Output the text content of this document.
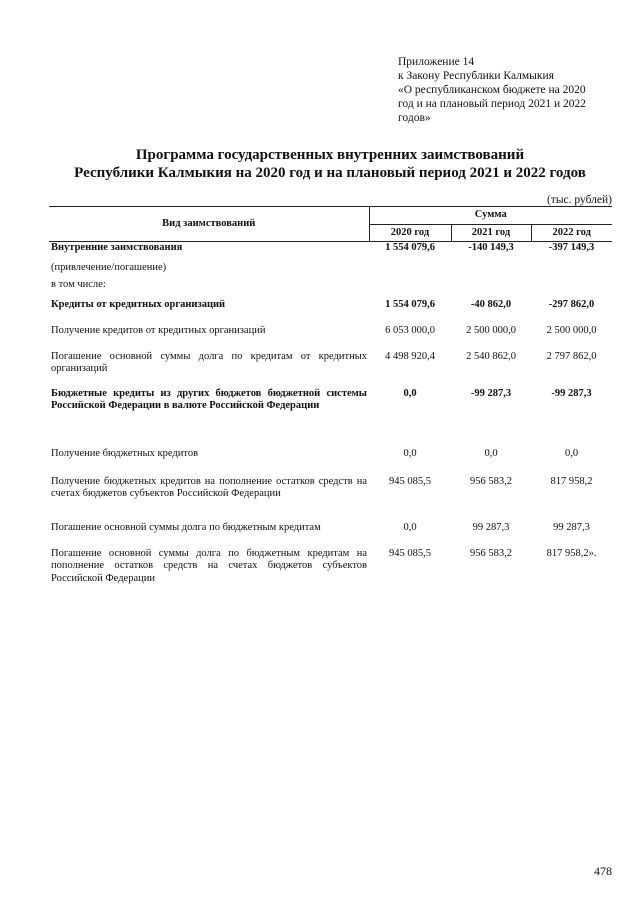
Приложение 14
к Закону Республики Калмыкия
«О республиканском бюджете на 2020
год и на плановый период 2021 и 2022
годов»
Программа государственных внутренних заимствований
Республики Калмыкия на 2020 год и на плановый период 2021 и 2022 годов
(тыс. рублей)
Вид заимствований	Сумма		
	2020 год	2021 год	2022 год
Внутренние заимствования	1 554 079,6	-140 149,3	-397 149,3
(привлечение/погашение)			
в том числе:			
Кредиты от кредитных организаций	1 554 079,6	-40 862,0	-297 862,0
Получение кредитов от кредитных организаций	6 053 000,0	2 500 000,0	2 500 000,0
Погашение основной суммы долга по кредитам от кредитных организаций	4 498 920,4	2 540 862,0	2 797 862,0
Бюджетные кредиты из других бюджетов бюджетной системы Российской Федерации в валюте Российской Федерации	0,0	-99 287,3	-99 287,3
Получение бюджетных кредитов	0,0	0,0	0,0
Получение бюджетных кредитов на пополнение остатков средств на счетах бюджетов субъектов Российской Федерации	945 085,5	956 583,2	817 958,2
Погашение основной суммы долга по бюджетным кредитам	0,0	99 287,3	99 287,3
Погашение основной суммы долга по бюджетным кредитам на пополнение остатков средств на счетах бюджетов субъектов Российской Федерации	945 085,5	956 583,2	817 958,2».
478
